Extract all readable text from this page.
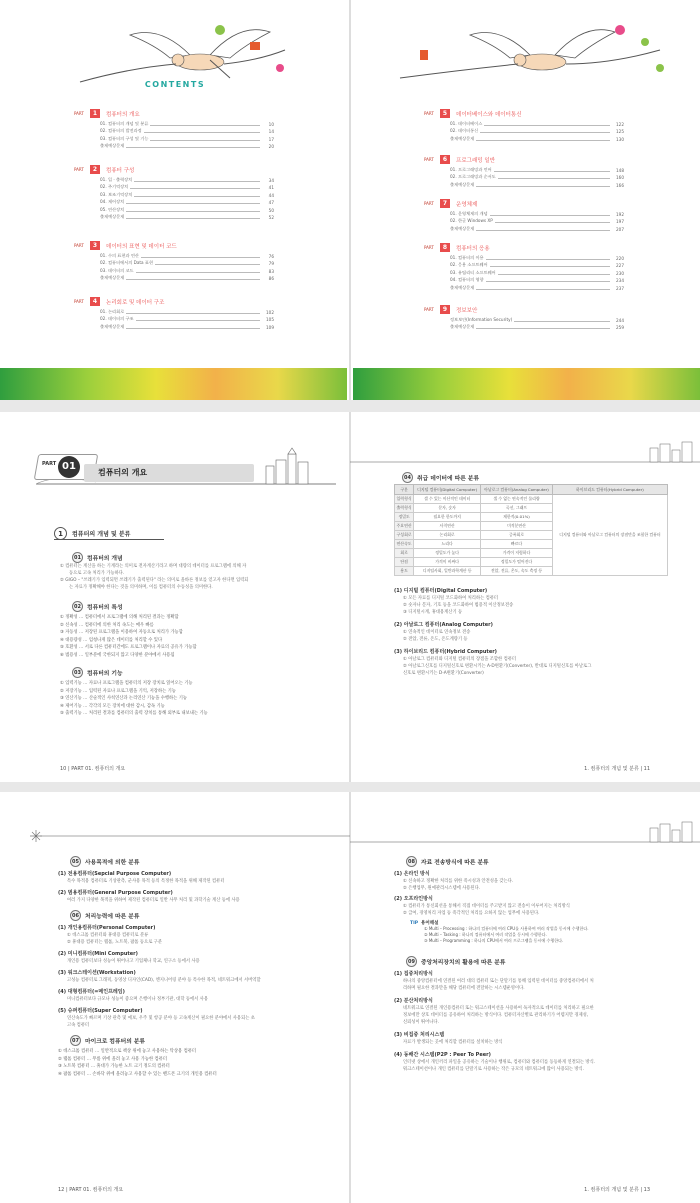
CONTENTS
PART	1	컴퓨터의 개요
01. 컴퓨터의 개념 및 분류	10
02. 컴퓨터의 발전과정	14
03. 컴퓨터의 구성 및 기능	17
출제예상문제	20
PART	2	컴퓨터 구성
01. 입 · 출력장치	34
02. 주기억장치	41
03. 보조기억장치	44
04. 제어장치	47
05. 연산장치	50
출제예상문제	52
PART	3	데이터의 표현 및 데이터 코드
01. 수의 표현과 연산	76
02. 컴퓨터에서의 Data 표현	79
03. 데이터의 코드	83
출제예상문제	86
PART	4	논리회로 및 데이터 구조
01. 논리회로	102
02. 데이터의 구조	105
출제예상문제	109
PART	5	데이터베이스와 데이터통신
01. 데이터베이스	122
02. 데이터통신	125
출제예상문제	130
PART	6	프로그래밍 일반
01. 프로그래밍과 언어	148
02. 프로그래밍과 순서도	160
출제예상문제	166
PART	7	운영체제
01. 운영체제의 개념	192
02. 한글 Windows XP	197
출제예상문제	207
PART	8	컴퓨터의 응용
01. 컴퓨터의 이용	220
02. 응용 소프트웨어	227
03. 유틸리티 소프트웨어	230
04. 컴퓨터의 영향	234
출제예상문제	237
PART	9	정보보안
정보보안(Information Security)	244
출제예상문제	259
PART 01
컴퓨터의 개요
1	컴퓨터의 개념 및 분류
01	컴퓨터의 개념
① 컴퓨터는 계산을 하는 기계라는 의미로 전자계산기라고 하며 대량의 데이터를 프로그램에 의해 자
동으로 고속 처리가 가능하다.
② GIGO – "쓰레기가 입력되면 쓰레기가 출력된다" 라는 의미로 올바른 정보를 얻고자 한다면 입력되
는 자료가 정확해야 한다는 것을 의미하며, 이를 컴퓨터의 수동성을 의미한다.
02	컴퓨터의 특성
① 정확성 … 컴퓨터에서 프로그램에 의해 처리된 결과는 정확함
② 신속성 … 컴퓨터에 의한 처리 속도는 매우 빠름
③ 자동성 … 저장된 프로그램을 이용하여 자동으로 처리가 가능함
④ 대용량성 … 엄청나게 많은 데이터를 처리할 수 있다
⑤ 호환성 … 서로 다른 컴퓨터간에도 프로그램이나 자료의 공유가 가능함
⑥ 범용성 … 일부분에 국한되지 않고 다양한 분야에서 사용됨
03	컴퓨터의 기능
① 입력기능 … 자료나 프로그램을 컴퓨터의 저장 장치로 읽어오는 기능
② 저장기능 … 입력된 자료나 프로그램을 기억, 저장하는 기능
③ 연산기능 … 산술적인 사칙연산과 논리연산 기능을 수행하는 기능
④ 제어기능 … 각각의 모든 장치에 대한 감시, 감독 기능
⑤ 출력기능 … 처리된 결과를 컴퓨터의 출력 장치를 통해 외부로 내보내는 기능
10 | PART 01. 컴퓨터의 개요
04	취급 데이터에 따른 분류
(1) 디지털 컴퓨터(Digital Computer)
① 모든 자료를 디지털 코드화하여 처리하는 컴퓨터
② 숫자나 문자, 기호 등을 코드화하여 범용적 이산정보전송
③ 디지털시계, 휴대용계산기 등
(2) 아날로그 컴퓨터(Analog Computer)
① 연속적인 데이터로 연속정보 전송
② 전압, 전류, 온도, 온도계량기 등
(3) 하이브리드 컴퓨터(Hybrid Computer)
① 아날로그 컴퓨터와 디지털 컴퓨터의 장점을 조합한 컴퓨터
② 아날로그신호를 디지털신호로 변환시키는 A-D변환기(Converter), 반대로 디지털신호를 아날로그
신호로 변환시키는 D-A변환기(Converter)
1. 컴퓨터의 개념 및 분류 | 11
구분	디지털 컴퓨터(Digital Computer)	아날로그 컴퓨터(Analog Computer)	하이브리드 컴퓨터(Hybrid Computer)
입력형식	셀 수 있는 이산적인 데이터	셀 수 없는 연속적인 물리량	디지털 컴퓨터와 아날로그 컴퓨터의 장점만을 조합한 컴퓨터
출력형식	문자, 숫자	곡선, 그래프	
정밀도	필요한 한도까지	제한적(0.01%)	
주요연산	사칙연산	미적분연산	
구성회로	논리회로	증폭회로	
연산속도	느리다	빠르다	
회로	정밀도가 높다	가격이 저렴하다	
단점	가격이 비싸다	정밀도가 떨어진다	
용도	디지털사회, 일반과학계산 등	전압, 전류, 온도, 속도 측정 등	
05	사용목적에 의한 분류
(1) 전용컴퓨터(Sepcial Purpose Computer)
특수 목적용 컴퓨터로 기상관측, 군사용 목적 등의 특정한 목적을 위해 제작된 컴퓨터
(2) 범용컴퓨터(General Purpose Computer)
여러 가지 다양한 목적을 위하여 제작된 컴퓨터로 일반 사무 처리 및 과학기술 계산 등에 사용
06	처리능력에 따른 분류
(1) 개인용컴퓨터(Personal Computer)
① 데스크톱 컴퓨터와 휴대용 컴퓨터로 분류
② 휴대용 컴퓨터는 랩톱, 노트북, 팜톱 등으로 구분
(2) 미니컴퓨터(Mini Computer)
개인용 컴퓨터보다 성능이 뛰어나고 기업체나 학교, 연구소 등에서 사용
(3) 워크스테이션(Workstation)
고성능 컴퓨터로 그래픽, 동영상 디자인(CAD), 엔지니어링 분야 등 특수한 목적, 네트워크에서 서버역할
(4) 대형컴퓨터(=메인프레임)
미니컴퓨터보다 규모나 성능이 좋으며 은행이나 정부기관, 대학 등에서 사용
(5) 슈퍼컴퓨터(Super Computer)
연산속도가 빠르며 기상 관측 및 예보, 우주 및 항공 분야 등 고속계산이 필요한 분야에서 사용되는 초
고속 컴퓨터
07	마이크로 컴퓨터의 분류
① 데스크톱 컴퓨터 … 일반적으로 책상 위에 놓고 사용하는 탁상용 컴퓨터
② 랩톱 컴퓨터 … 무릎 위에 올려 놓고 사용 가능한 컴퓨터
③ 노트북 컴퓨터 … 휴대가 가능한 노트 크기 정도의 컴퓨터
④ 팜톱 컴퓨터 … 손바닥 위에 올려놓고 사용할 수 있는 핸드폰 크기의 개인용 컴퓨터
12 | PART 01. 컴퓨터의 개요
08	자료 전송방식에 따른 분류
(1) 온라인 방식
① 신속하고 정확한 처리를 위한 즉시성과 안전성을 갖는다.
② 은행업무, 원예관리시스템에 사용된다.
(2) 오프라인방식
① 컴퓨터가 통신회선을 통해서 직접 데이터를 주고받지 않고 전송이 이루어지는 처리방식
② 급여, 경영처리 자업 등 즉각적인 처리를 요하지 않는 업무에 사용된다.
TIP 용어해설
① Multi – Processing : 하나의 컴퓨터에 여러 CPU를 사용하여 여러 작업을 동시에 수행한다.
② Multi – Tasking : 하나의 컴퓨터에서 여러 작업을 동시에 수행한다.
③ Multi – Programming : 하나의 CPU에서 여러 프로그램을 동시에 수행한다.
09	중앙처리장치의 활용에 따른 분류
(1) 집중처리방식
하나의 중앙컴퓨터에 연결된 여러 대의 컴퓨터 또는 단말기를 통해 입력된 데이터를 중앙컴퓨터에서 처
리하며 필요한 결과만을 해당 컴퓨터에 전달하는 시스템운영이다.
(2) 분산처리방식
네트워크로 연결된 개인용컴퓨터 또는 워크스테이션을 사용하여 독자적으로 데이터를 처리하고 필요한
정보에만 상호 데이터를 공유하여 처리하는 방식이다. 컴퓨터자산별로 관리하기가 어렵지만 경제성,
신뢰성이 뛰어나다.
(3) 비집중 처리시스템
자료가 발생되는 곳에 처리할 컴퓨터를 설치하는 방식
(4) 동배간 시스템(P2P : Peer To Peer)
인터넷 상에서 개인끼리 파일을 공유하는 기술이나 행위로, 컴퓨터와 컴퓨터를 동등하게 연결되는 방식.
워크스테이션이나 개인 컴퓨터를 단말기로 사용하는 작은 규모의 네트워크에 많이 사용되는 방식.
1. 컴퓨터의 개념 및 분류 | 13
